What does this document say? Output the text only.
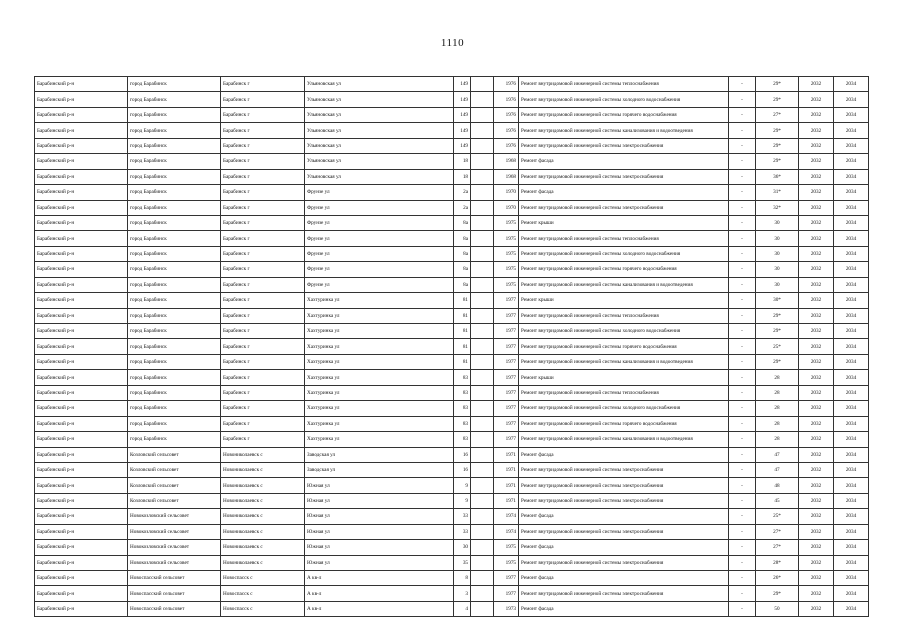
1110
Барабинский р-н	город Барабинск	Барабинск г	Ульяновская ул	149		1976	Ремонт внутридомовой инженерной системы теплоснабжения	-	29*	2032	2034
Барабинский р-н	город Барабинск	Барабинск г	Ульяновская ул	149		1976	Ремонт внутридомовой инженерной системы холодного водоснабжения	-	29*	2032	2034
Барабинский р-н	город Барабинск	Барабинск г	Ульяновская ул	149		1976	Ремонт внутридомовой инженерной системы горячего водоснабжения	-	27*	2032	2034
Барабинский р-н	город Барабинск	Барабинск г	Ульяновская ул	149		1976	Ремонт внутридомовой инженерной системы канализования и водоотведения	-	29*	2032	2034
Барабинский р-н	город Барабинск	Барабинск г	Ульяновская ул	149		1976	Ремонт внутридомовой инженерной системы электроснабжения	-	29*	2032	2034
Барабинский р-н	город Барабинск	Барабинск г	Ульяновская ул	18		1968	Ремонт фасада	-	29*	2032	2034
Барабинский р-н	город Барабинск	Барабинск г	Ульяновская ул	18		1968	Ремонт внутридомовой инженерной системы электроснабжения	-	36*	2032	2034
Барабинский р-н	город Барабинск	Барабинск г	Фрунзе ул	2а		1970	Ремонт фасада	-	31*	2032	2034
Барабинский р-н	город Барабинск	Барабинск г	Фрунзе ул	2а		1970	Ремонт внутридомовой инженерной системы электроснабжения	-	32*	2032	2034
Барабинский р-н	город Барабинск	Барабинск г	Фрунзе ул	8а		1975	Ремонт крыши	-	30	2032	2034
Барабинский р-н	город Барабинск	Барабинск г	Фрунзе ул	8а		1975	Ремонт внутридомовой инженерной системы теплоснабжения	-	30	2032	2034
Барабинский р-н	город Барабинск	Барабинск г	Фрунзе ул	8а		1975	Ремонт внутридомовой инженерной системы холодного водоснабжения	-	30	2032	2034
Барабинский р-н	город Барабинск	Барабинск г	Фрунзе ул	8а		1975	Ремонт внутридомовой инженерной системы горячего водоснабжения	-	30	2032	2034
Барабинский р-н	город Барабинск	Барабинск г	Фрунзе ул	8а		1975	Ремонт внутридомовой инженерной системы канализования и водоотведения	-	30	2032	2034
Барабинский р-н	город Барабинск	Барабинск г	Хахтуринка ул	81		1977	Ремонт крыши	-	30*	2032	2034
Барабинский р-н	город Барабинск	Барабинск г	Хахтуринка ул	81		1977	Ремонт внутридомовой инженерной системы теплоснабжения	-	29*	2032	2034
Барабинский р-н	город Барабинск	Барабинск г	Хахтуринка ул	81		1977	Ремонт внутридомовой инженерной системы холодного водоснабжения	-	29*	2032	2034
Барабинский р-н	город Барабинск	Барабинск г	Хахтуринка ул	81		1977	Ремонт внутридомовой инженерной системы горячего водоснабжения	-	25*	2032	2034
Барабинский р-н	город Барабинск	Барабинск г	Хахтуринка ул	81		1977	Ремонт внутридомовой инженерной системы канализования и водоотведения	-	29*	2032	2034
Барабинский р-н	город Барабинск	Барабинск г	Хахтуринка ул	83		1977	Ремонт крыши	-	28	2032	2034
Барабинский р-н	город Барабинск	Барабинск г	Хахтуринка ул	83		1977	Ремонт внутридомовой инженерной системы теплоснабжения	-	28	2032	2034
Барабинский р-н	город Барабинск	Барабинск г	Хахтуринка ул	83		1977	Ремонт внутридомовой инженерной системы холодного водоснабжения	-	28	2032	2034
Барабинский р-н	город Барабинск	Барабинск г	Хахтуринка ул	83		1977	Ремонт внутридомовой инженерной системы горячего водоснабжения	-	28	2032	2034
Барабинский р-н	город Барабинск	Барабинск г	Хахтуринка ул	83		1977	Ремонт внутридомовой инженерной системы канализования и водоотведения	-	28	2032	2034
Барабинский р-н	Козловский сельсовет	Новониколаевск с	Заводская ул	16		1971	Ремонт фасада	-	47	2032	2034
Барабинский р-н	Козловский сельсовет	Новониколаевск с	Заводская ул	16		1971	Ремонт внутридомовой инженерной системы электроснабжения	-	47	2032	2034
Барабинский р-н	Козловский сельсовет	Новониколаевск с	Южная ул	9		1971	Ремонт внутридомовой инженерной системы электроснабжения	-	48	2032	2034
Барабинский р-н	Козловский сельсовет	Новониколаевск с	Южная ул	9		1971	Ремонт внутридомовой инженерной системы электроснабжения	-	45	2032	2034
Барабинский р-н	Новокозловский сельсовет	Новониколаевск с	Южная ул	33		1974	Ремонт фасада	-	25*	2032	2034
Барабинский р-н	Новокозловский сельсовет	Новониколаевск с	Южная ул	33		1974	Ремонт внутридомовой инженерной системы электроснабжения	-	27*	2032	2034
Барабинский р-н	Новокозловский сельсовет	Новониколаевск с	Южная ул	30		1975	Ремонт фасада	-	27*	2032	2034
Барабинский р-н	Новокозловский сельсовет	Новониколаевск с	Южная ул	35		1975	Ремонт внутридомовой инженерной системы электроснабжения	-	28*	2032	2034
Барабинский р-н	Новоспасский сельсовет	Новоспасск с	А кв-л	8		1977	Ремонт фасада	-	26*	2032	2034
Барабинский р-н	Новоспасский сельсовет	Новоспасск с	А кв-л	3		1977	Ремонт внутридомовой инженерной системы электроснабжения	-	29*	2032	2034
Барабинский р-н	Новоспасский сельсовет	Новоспасск с	А кв-л	4		1973	Ремонт фасада	-	50	2032	2034
